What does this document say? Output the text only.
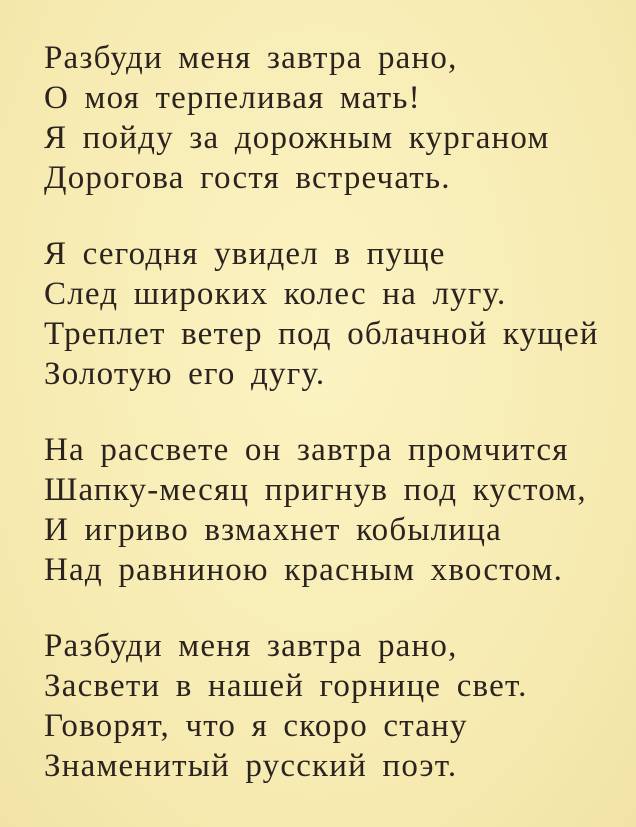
Разбуди меня завтра рано,
О моя терпеливая мать!
Я пойду за дорожным курганом
Дорогова гостя встречать.
Я сегодня увидел в пуще
След широких колес на лугу.
Треплет ветер под облачной кущей
Золотую его дугу.
На рассвете он завтра промчится
Шапку-месяц пригнув под кустом,
И игриво взмахнет кобылица
Над равниною красным хвостом.
Разбуди меня завтра рано,
Засвети в нашей горнице свет.
Говорят, что я скоро стану
Знаменитый русский поэт.
